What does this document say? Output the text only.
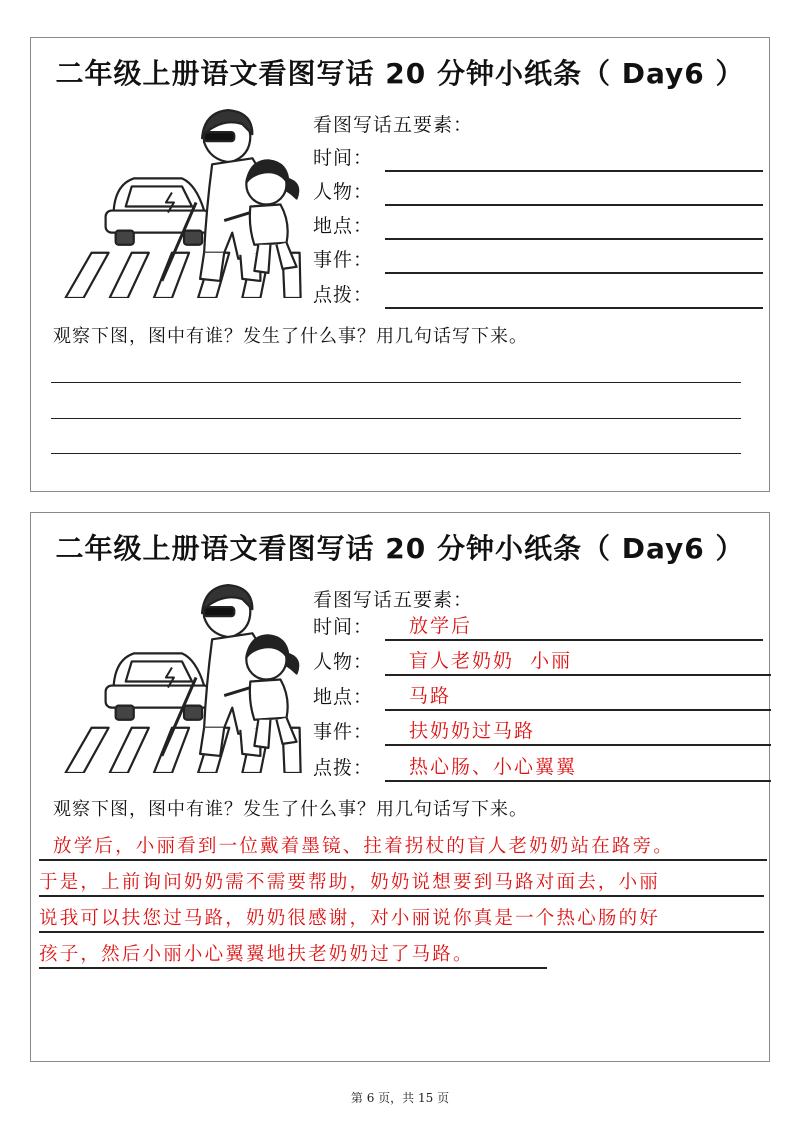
二年级上册语文看图写话 20 分钟小纸条（ Day6 ）
看图写话五要素：
时间：
人物：
地点：
事件：
点拨：
观察下图，图中有谁？发生了什么事？用几句话写下来。
二年级上册语文看图写话 20 分钟小纸条（ Day6 ）
看图写话五要素：
时间： 放学后
人物： 盲人老奶奶  小丽
地点： 马路
事件： 扶奶奶过马路
点拨： 热心肠、小心翼翼
观察下图，图中有谁？发生了什么事？用几句话写下来。
放学后，小丽看到一位戴着墨镜、拄着拐杖的盲人老奶奶站在路旁。
于是，上前询问奶奶需不需要帮助，奶奶说想要到马路对面去，小丽
说我可以扶您过马路，奶奶很感谢，对小丽说你真是一个热心肠的好
孩子，然后小丽小心翼翼地扶老奶奶过了马路。
第 6 页，共 15 页
